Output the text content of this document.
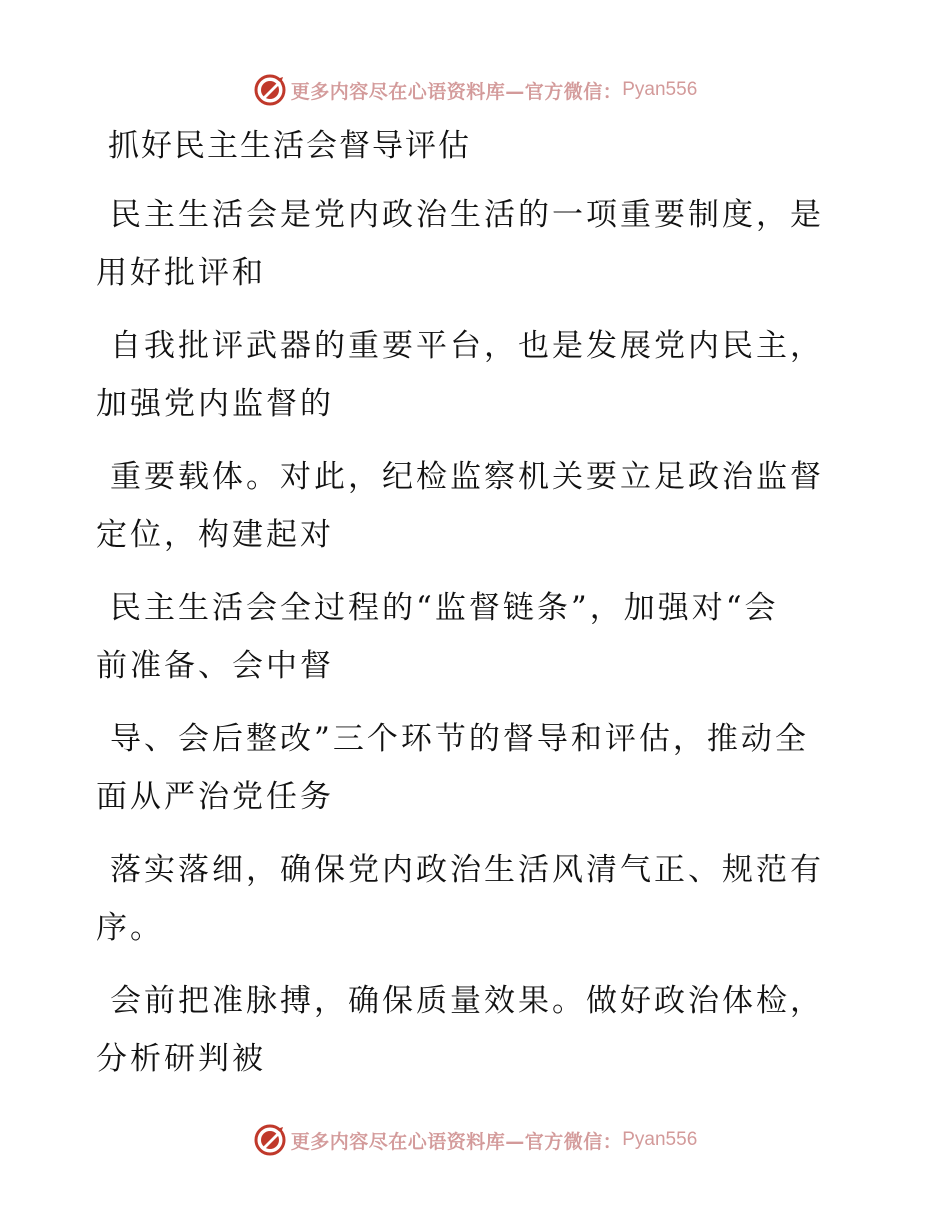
更多内容尽在心语资料库—官方微信： Pyan556
抓好民主生活会督导评估
民主生活会是党内政治生活的一项重要制度，是
用好批评和
自我批评武器的重要平台，也是发展党内民主，
加强党内监督的
重要载体。对此，纪检监察机关要立足政治监督
定位，构建起对
民主生活会全过程的“监督链条”，加强对“会
前准备、会中督
导、会后整改”三个环节的督导和评估，推动全
面从严治党任务
落实落细，确保党内政治生活风清气正、规范有
序。
会前把准脉搏，确保质量效果。做好政治体检，
分析研判被
更多内容尽在心语资料库—官方微信： Pyan556
